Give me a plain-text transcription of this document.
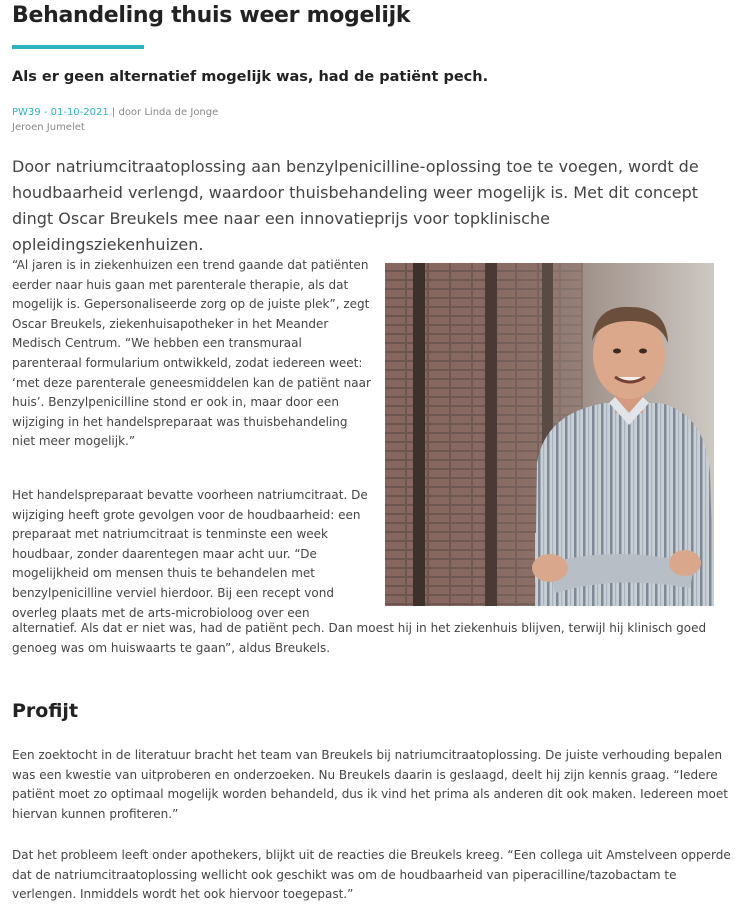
Behandeling thuis weer mogelijk

Als er geen alternatief mogelijk was, had de patiënt pech.

PW39 - 01-10-2021 | door Linda de Jonge
Jeroen Jumelet

Door natriumcitraatoplossing aan benzylpenicilline-oplossing toe te voegen, wordt de houdbaarheid verlengd, waardoor thuisbehandeling weer mogelijk is. Met dit concept dingt Oscar Breukels mee naar een innovatieprijs voor topklinische opleidingsziekenhuizen.

“Al jaren is in ziekenhuizen een trend gaande dat patiënten eerder naar huis gaan met parenterale therapie, als dat mogelijk is. Gepersonaliseerde zorg op de juiste plek”, zegt Oscar Breukels, ziekenhuisapotheker in het Meander Medisch Centrum. “We hebben een transmuraal parenteraal formularium ontwikkeld, zodat iedereen weet: ‘met deze parenterale geneesmiddelen kan de patiënt naar huis’. Benzylpenicilline stond er ook in, maar door een wijziging in het handelspreparaat was thuisbehandeling niet meer mogelijk.”

Het handelspreparaat bevatte voorheen natriumcitraat. De wijziging heeft grote gevolgen voor de houdbaarheid: een preparaat met natriumcitraat is tenminste een week houdbaar, zonder daarentegen maar acht uur. “De mogelijkheid om mensen thuis te behandelen met benzylpenicilline verviel hierdoor. Bij een recept vond overleg plaats met de arts-microbioloog over een

alternatief. Als dat er niet was, had de patiënt pech. Dan moest hij in het ziekenhuis blijven, terwijl hij klinisch goed genoeg was om huiswaarts te gaan”, aldus Breukels.

Profijt

Een zoektocht in de literatuur bracht het team van Breukels bij natriumcitraatoplossing. De juiste verhouding bepalen was een kwestie van uitproberen en onderzoeken. Nu Breukels daarin is geslaagd, deelt hij zijn kennis graag. “Iedere patiënt moet zo optimaal mogelijk worden behandeld, dus ik vind het prima als anderen dit ook maken. Iedereen moet hiervan kunnen profiteren.”

Dat het probleem leeft onder apothekers, blijkt uit de reacties die Breukels kreeg. “Een collega uit Amstelveen opperde dat de natriumcitraatoplossing wellicht ook geschikt was om de houdbaarheid van piperacilline/tazobactam te verlengen. Inmiddels wordt het ook hiervoor toegepast.”
